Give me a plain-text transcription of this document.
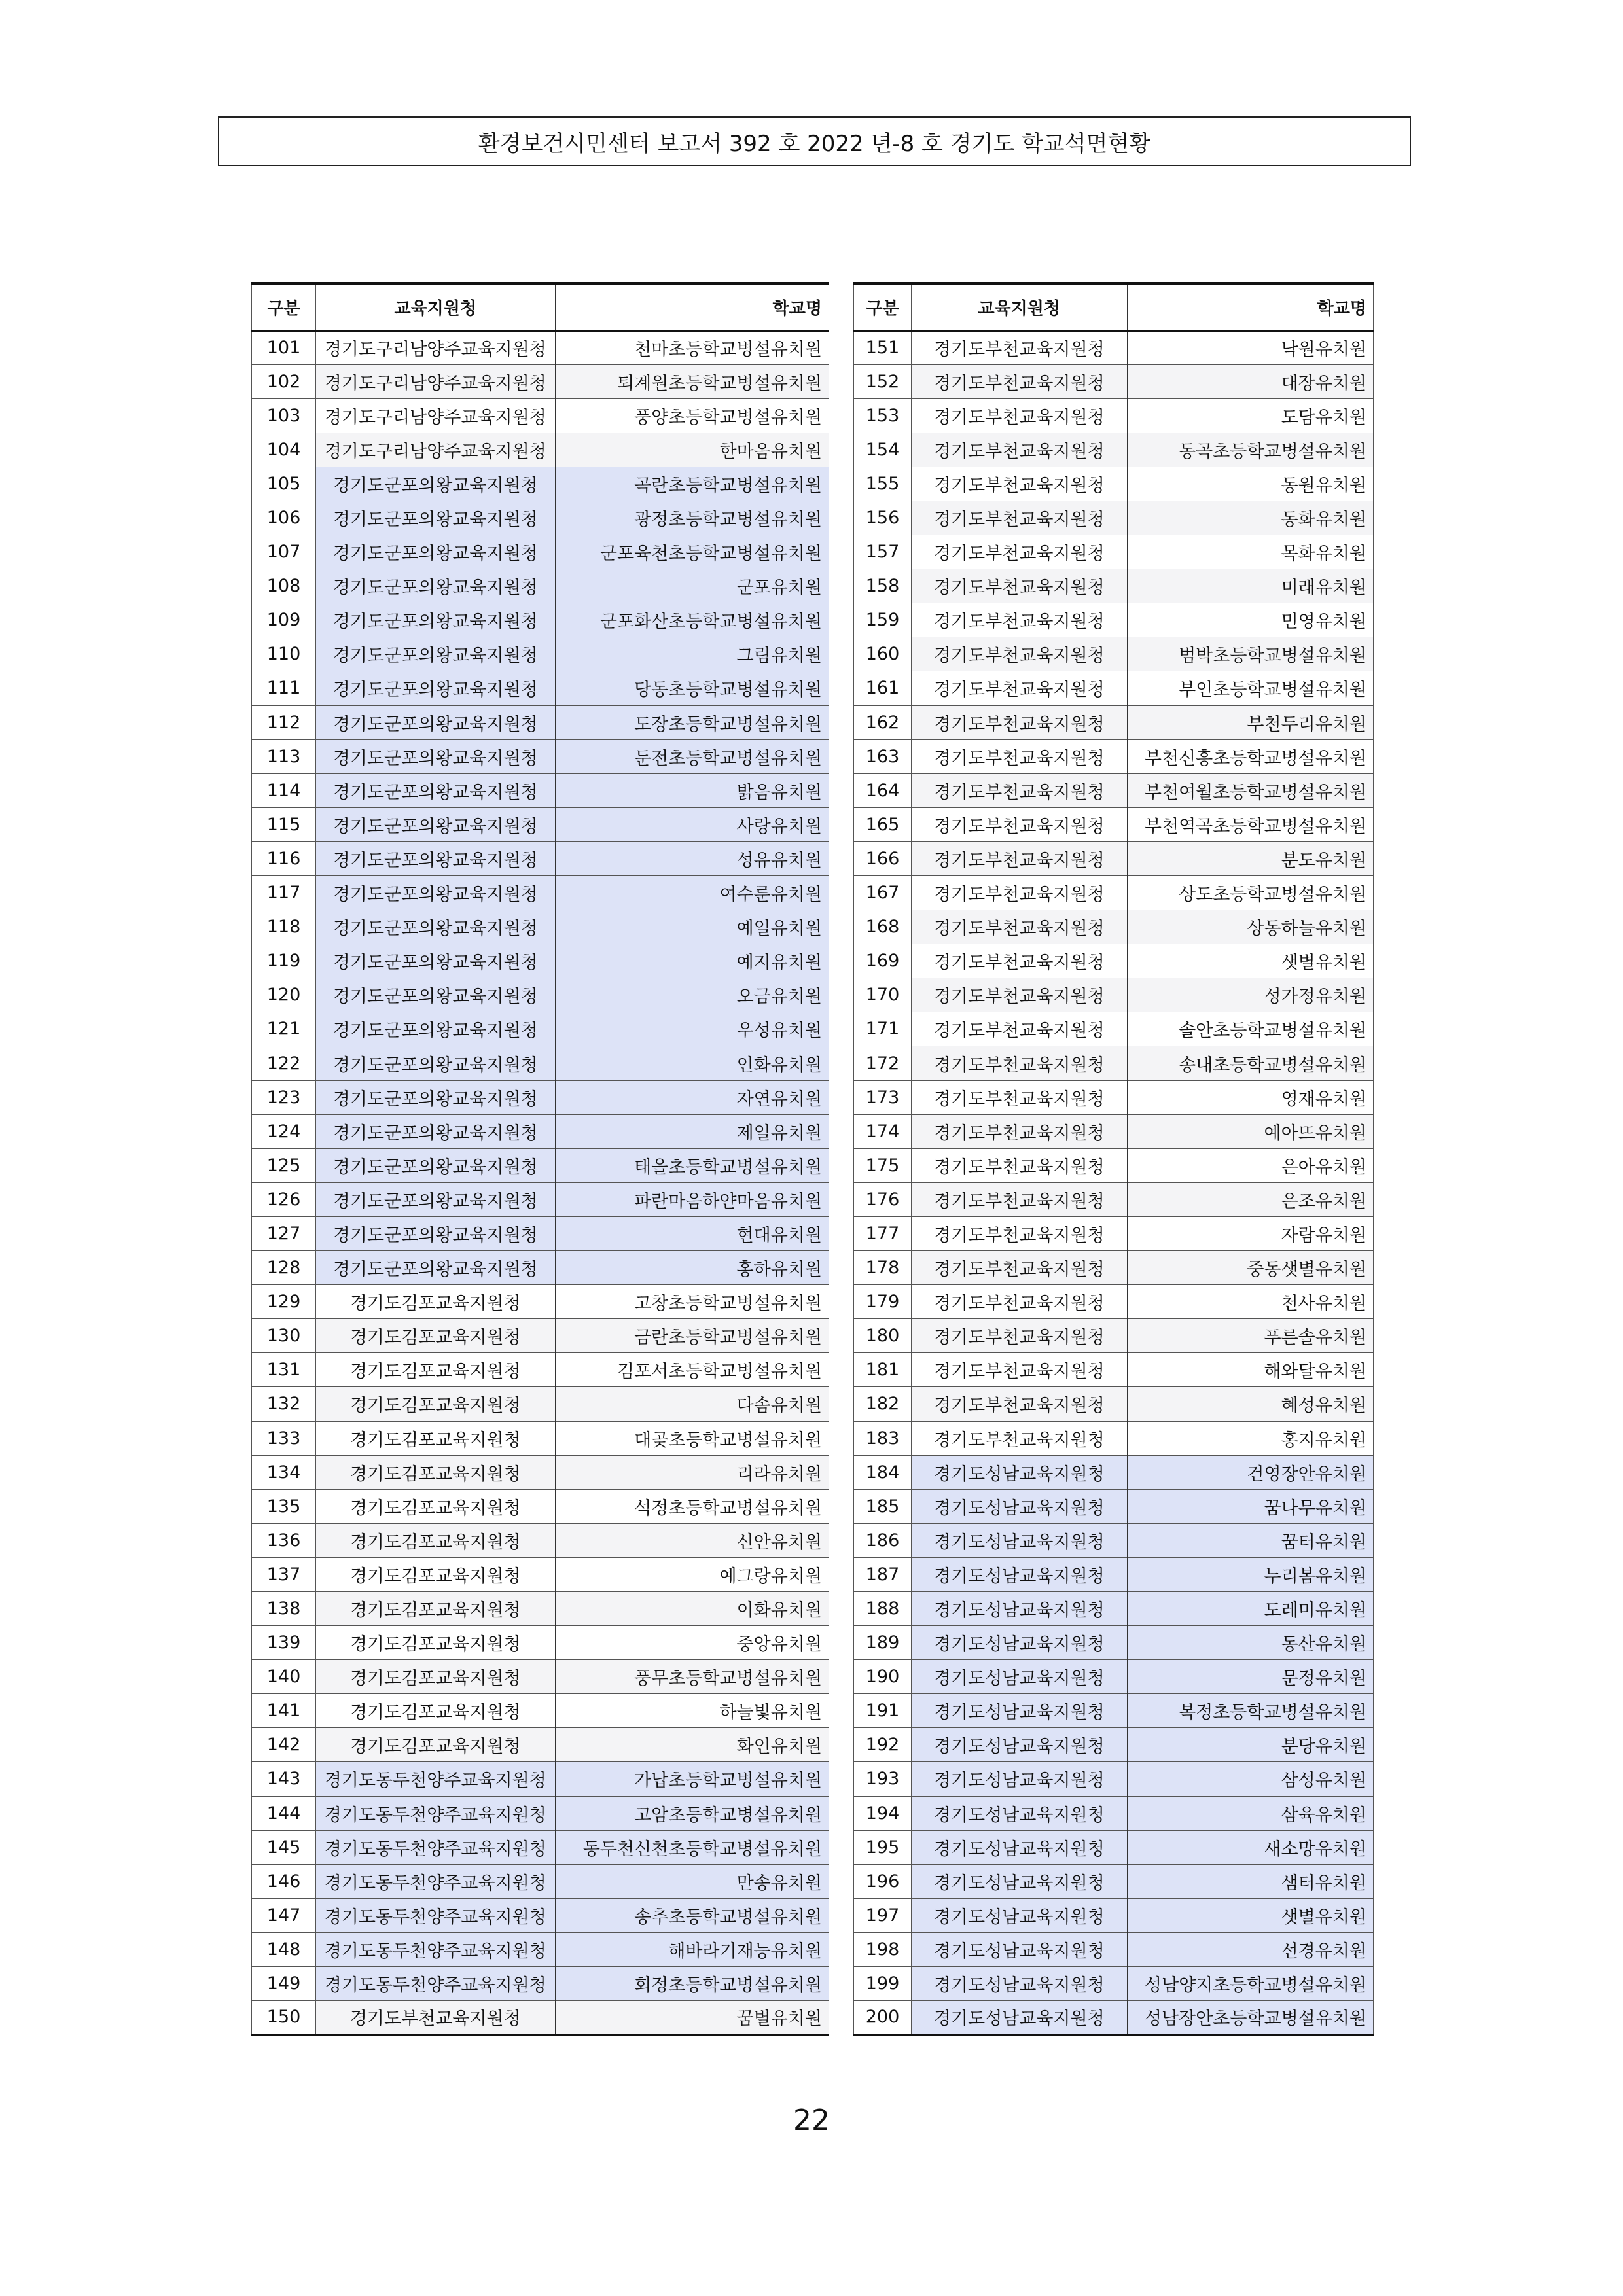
환경보건시민센터 보고서 392 호 2022 년-8 호 경기도 학교석면현황
구분	교육지원청	학교명
101	경기도구리남양주교육지원청	천마초등학교병설유치원
102	경기도구리남양주교육지원청	퇴계원초등학교병설유치원
103	경기도구리남양주교육지원청	풍양초등학교병설유치원
104	경기도구리남양주교육지원청	한마음유치원
105	경기도군포의왕교육지원청	곡란초등학교병설유치원
106	경기도군포의왕교육지원청	광정초등학교병설유치원
107	경기도군포의왕교육지원청	군포육천초등학교병설유치원
108	경기도군포의왕교육지원청	군포유치원
109	경기도군포의왕교육지원청	군포화산초등학교병설유치원
110	경기도군포의왕교육지원청	그림유치원
111	경기도군포의왕교육지원청	당동초등학교병설유치원
112	경기도군포의왕교육지원청	도장초등학교병설유치원
113	경기도군포의왕교육지원청	둔전초등학교병설유치원
114	경기도군포의왕교육지원청	밝음유치원
115	경기도군포의왕교육지원청	사랑유치원
116	경기도군포의왕교육지원청	성유유치원
117	경기도군포의왕교육지원청	여수룬유치원
118	경기도군포의왕교육지원청	예일유치원
119	경기도군포의왕교육지원청	예지유치원
120	경기도군포의왕교육지원청	오금유치원
121	경기도군포의왕교육지원청	우성유치원
122	경기도군포의왕교육지원청	인화유치원
123	경기도군포의왕교육지원청	자연유치원
124	경기도군포의왕교육지원청	제일유치원
125	경기도군포의왕교육지원청	태을초등학교병설유치원
126	경기도군포의왕교육지원청	파란마음하얀마음유치원
127	경기도군포의왕교육지원청	현대유치원
128	경기도군포의왕교육지원청	홍하유치원
129	경기도김포교육지원청	고창초등학교병설유치원
130	경기도김포교육지원청	금란초등학교병설유치원
131	경기도김포교육지원청	김포서초등학교병설유치원
132	경기도김포교육지원청	다솜유치원
133	경기도김포교육지원청	대곶초등학교병설유치원
134	경기도김포교육지원청	리라유치원
135	경기도김포교육지원청	석정초등학교병설유치원
136	경기도김포교육지원청	신안유치원
137	경기도김포교육지원청	예그랑유치원
138	경기도김포교육지원청	이화유치원
139	경기도김포교육지원청	중앙유치원
140	경기도김포교육지원청	풍무초등학교병설유치원
141	경기도김포교육지원청	하늘빛유치원
142	경기도김포교육지원청	화인유치원
143	경기도동두천양주교육지원청	가납초등학교병설유치원
144	경기도동두천양주교육지원청	고암초등학교병설유치원
145	경기도동두천양주교육지원청	동두천신천초등학교병설유치원
146	경기도동두천양주교육지원청	만송유치원
147	경기도동두천양주교육지원청	송추초등학교병설유치원
148	경기도동두천양주교육지원청	해바라기재능유치원
149	경기도동두천양주교육지원청	회정초등학교병설유치원
150	경기도부천교육지원청	꿈별유치원
구분	교육지원청	학교명
151	경기도부천교육지원청	낙원유치원
152	경기도부천교육지원청	대장유치원
153	경기도부천교육지원청	도담유치원
154	경기도부천교육지원청	동곡초등학교병설유치원
155	경기도부천교육지원청	동원유치원
156	경기도부천교육지원청	동화유치원
157	경기도부천교육지원청	목화유치원
158	경기도부천교육지원청	미래유치원
159	경기도부천교육지원청	민영유치원
160	경기도부천교육지원청	범박초등학교병설유치원
161	경기도부천교육지원청	부인초등학교병설유치원
162	경기도부천교육지원청	부천두리유치원
163	경기도부천교육지원청	부천신흥초등학교병설유치원
164	경기도부천교육지원청	부천여월초등학교병설유치원
165	경기도부천교육지원청	부천역곡초등학교병설유치원
166	경기도부천교육지원청	분도유치원
167	경기도부천교육지원청	상도초등학교병설유치원
168	경기도부천교육지원청	상동하늘유치원
169	경기도부천교육지원청	샛별유치원
170	경기도부천교육지원청	성가정유치원
171	경기도부천교육지원청	솔안초등학교병설유치원
172	경기도부천교육지원청	송내초등학교병설유치원
173	경기도부천교육지원청	영재유치원
174	경기도부천교육지원청	예아뜨유치원
175	경기도부천교육지원청	은아유치원
176	경기도부천교육지원청	은조유치원
177	경기도부천교육지원청	자람유치원
178	경기도부천교육지원청	중동샛별유치원
179	경기도부천교육지원청	천사유치원
180	경기도부천교육지원청	푸른솔유치원
181	경기도부천교육지원청	해와달유치원
182	경기도부천교육지원청	혜성유치원
183	경기도부천교육지원청	홍지유치원
184	경기도성남교육지원청	건영장안유치원
185	경기도성남교육지원청	꿈나무유치원
186	경기도성남교육지원청	꿈터유치원
187	경기도성남교육지원청	누리봄유치원
188	경기도성남교육지원청	도레미유치원
189	경기도성남교육지원청	동산유치원
190	경기도성남교육지원청	문정유치원
191	경기도성남교육지원청	복정초등학교병설유치원
192	경기도성남교육지원청	분당유치원
193	경기도성남교육지원청	삼성유치원
194	경기도성남교육지원청	삼육유치원
195	경기도성남교육지원청	새소망유치원
196	경기도성남교육지원청	샘터유치원
197	경기도성남교육지원청	샛별유치원
198	경기도성남교육지원청	선경유치원
199	경기도성남교육지원청	성남양지초등학교병설유치원
200	경기도성남교육지원청	성남장안초등학교병설유치원
22
